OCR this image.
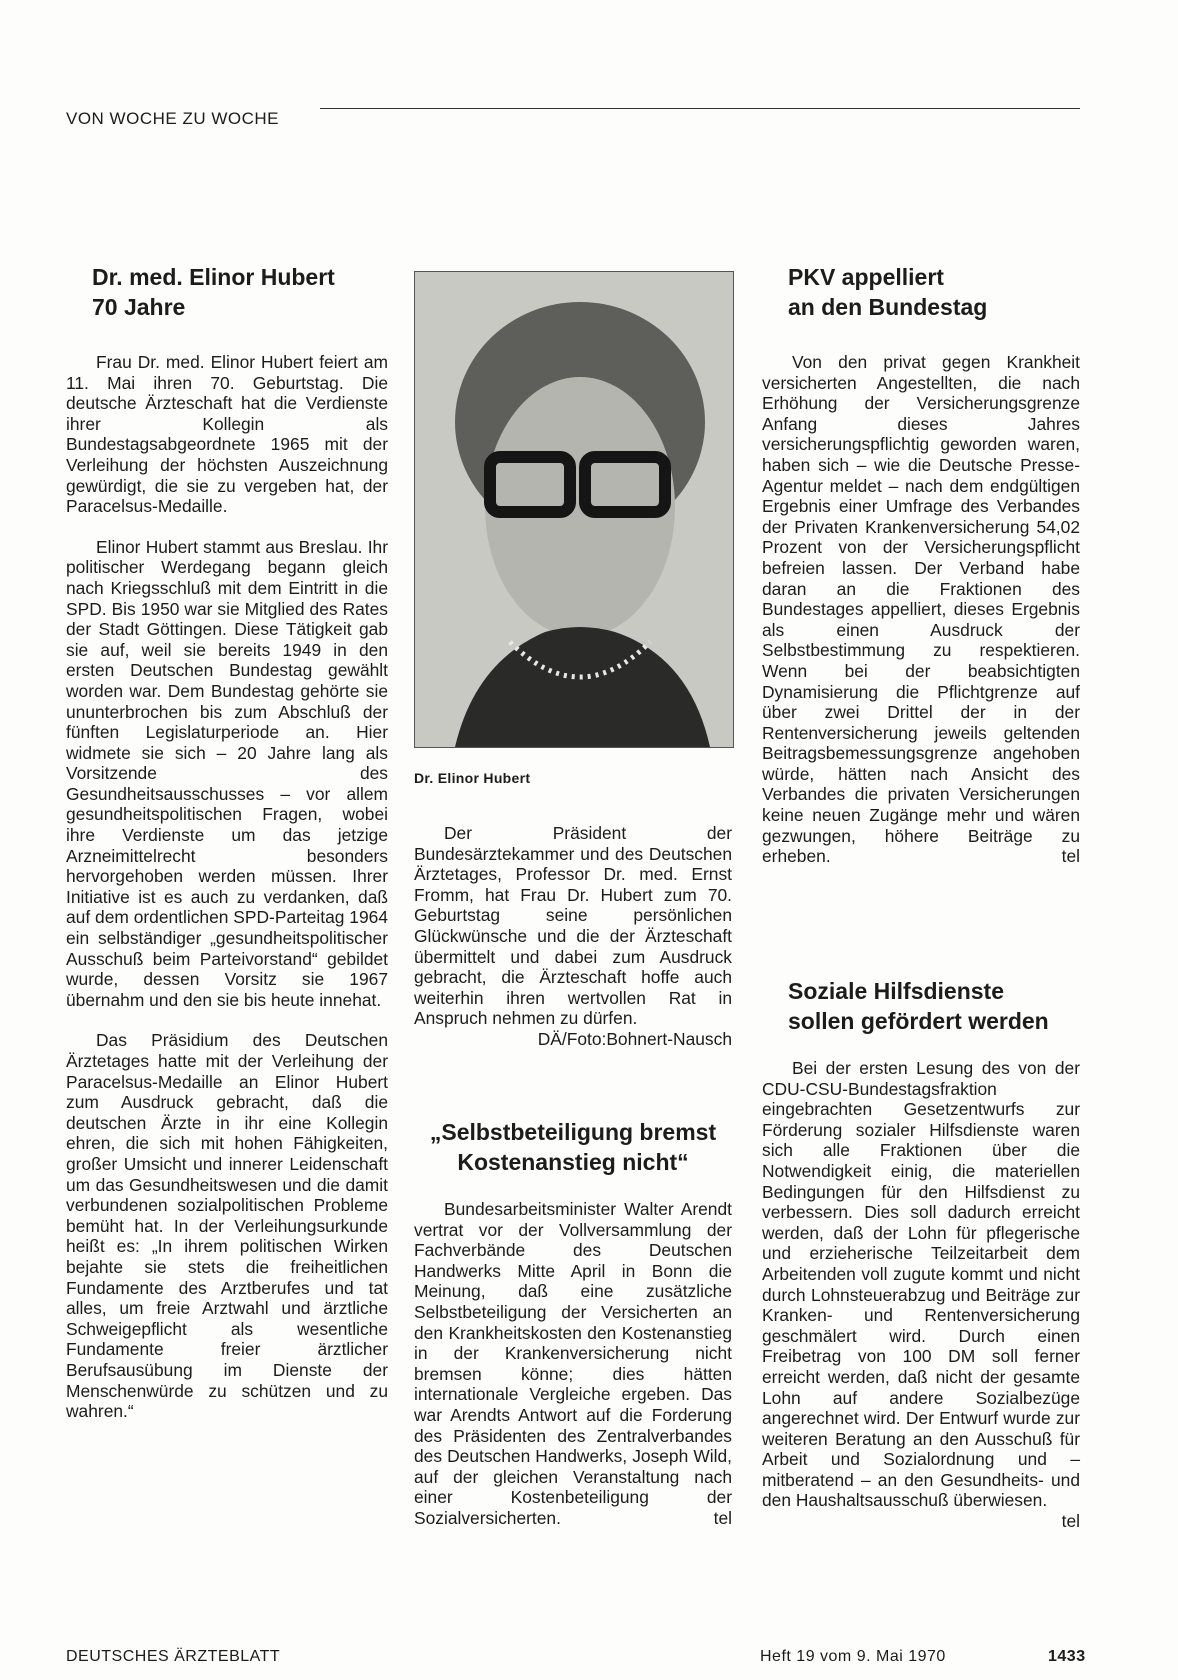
VON WOCHE ZU WOCHE
Dr. med. Elinor Hubert
70 Jahre

Frau Dr. med. Elinor Hubert feiert am 11. Mai ihren 70. Geburtstag. Die deutsche Ärzteschaft hat die Verdienste ihrer Kollegin als Bundestagsabgeordnete 1965 mit der Verleihung der höchsten Auszeichnung gewürdigt, die sie zu vergeben hat, der Paracelsus-Medaille.

Elinor Hubert stammt aus Breslau. Ihr politischer Werdegang begann gleich nach Kriegsschluß mit dem Eintritt in die SPD. Bis 1950 war sie Mitglied des Rates der Stadt Göttingen. Diese Tätigkeit gab sie auf, weil sie bereits 1949 in den ersten Deutschen Bundestag gewählt worden war. Dem Bundestag gehörte sie ununterbrochen bis zum Abschluß der fünften Legislaturperiode an. Hier widmete sie sich – 20 Jahre lang als Vorsitzende des Gesundheitsausschusses – vor allem gesundheitspolitischen Fragen, wobei ihre Verdienste um das jetzige Arzneimittelrecht besonders hervorgehoben werden müssen. Ihrer Initiative ist es auch zu verdanken, daß auf dem ordentlichen SPD-Parteitag 1964 ein selbständiger „gesundheitspolitischer Ausschuß beim Parteivorstand“ gebildet wurde, dessen Vorsitz sie 1967 übernahm und den sie bis heute innehat.

Das Präsidium des Deutschen Ärztetages hatte mit der Verleihung der Paracelsus-Medaille an Elinor Hubert zum Ausdruck gebracht, daß die deutschen Ärzte in ihr eine Kollegin ehren, die sich mit hohen Fähigkeiten, großer Umsicht und innerer Leidenschaft um das Gesundheitswesen und die damit verbundenen sozialpolitischen Probleme bemüht hat. In der Verleihungsurkunde heißt es: „In ihrem politischen Wirken bejahte sie stets die freiheitlichen Fundamente des Arztberufes und tat alles, um freie Arztwahl und ärztliche Schweigepflicht als wesentliche Fundamente freier ärztlicher Berufsausübung im Dienste der Menschenwürde zu schützen und zu wahren.“

Dr. Elinor Hubert

Der Präsident der Bundesärztekammer und des Deutschen Ärztetages, Professor Dr. med. Ernst Fromm, hat Frau Dr. Hubert zum 70. Geburtstag seine persönlichen Glückwünsche und die der Ärzteschaft übermittelt und dabei zum Ausdruck gebracht, die Ärzteschaft hoffe auch weiterhin ihren wertvollen Rat in Anspruch nehmen zu dürfen.
DÄ/Foto:Bohnert-Nausch

„Selbstbeteiligung bremst
Kostenanstieg nicht“

Bundesarbeitsminister Walter Arendt vertrat vor der Vollversammlung der Fachverbände des Deutschen Handwerks Mitte April in Bonn die Meinung, daß eine zusätzliche Selbstbeteiligung der Versicherten an den Krankheitskosten den Kostenanstieg in der Krankenversicherung nicht bremsen könne; dies hätten internationale Vergleiche ergeben. Das war Arendts Antwort auf die Forderung des Präsidenten des Zentralverbandes des Deutschen Handwerks, Joseph Wild, auf der gleichen Veranstaltung nach einer Kostenbeteiligung der Sozialversicherten.	tel

PKV appelliert
an den Bundestag

Von den privat gegen Krankheit versicherten Angestellten, die nach Erhöhung der Versicherungsgrenze Anfang dieses Jahres versicherungspflichtig geworden waren, haben sich – wie die Deutsche Presse-Agentur meldet – nach dem endgültigen Ergebnis einer Umfrage des Verbandes der Privaten Krankenversicherung 54,02 Prozent von der Versicherungspflicht befreien lassen. Der Verband habe daran an die Fraktionen des Bundestages appelliert, dieses Ergebnis als einen Ausdruck der Selbstbestimmung zu respektieren. Wenn bei der beabsichtigten Dynamisierung die Pflichtgrenze auf über zwei Drittel der in der Rentenversicherung jeweils geltenden Beitragsbemessungsgrenze angehoben würde, hätten nach Ansicht des Verbandes die privaten Versicherungen keine neuen Zugänge mehr und wären gezwungen, höhere Beiträge zu erheben.	tel

Soziale Hilfsdienste
sollen gefördert werden

Bei der ersten Lesung des von der CDU-CSU-Bundestagsfraktion eingebrachten Gesetzentwurfs zur Förderung sozialer Hilfsdienste waren sich alle Fraktionen über die Notwendigkeit einig, die materiellen Bedingungen für den Hilfsdienst zu verbessern. Dies soll dadurch erreicht werden, daß der Lohn für pflegerische und erzieherische Teilzeitarbeit dem Arbeitenden voll zugute kommt und nicht durch Lohnsteuerabzug und Beiträge zur Kranken- und Rentenversicherung geschmälert wird. Durch einen Freibetrag von 100 DM soll ferner erreicht werden, daß nicht der gesamte Lohn auf andere Sozialbezüge angerechnet wird. Der Entwurf wurde zur weiteren Beratung an den Ausschuß für Arbeit und Sozialordnung und – mitberatend – an den Gesundheits- und den Haushaltsausschuß überwiesen.
tel

DEUTSCHES ÄRZTEBLATT	Heft 19 vom 9. Mai 1970	1433
